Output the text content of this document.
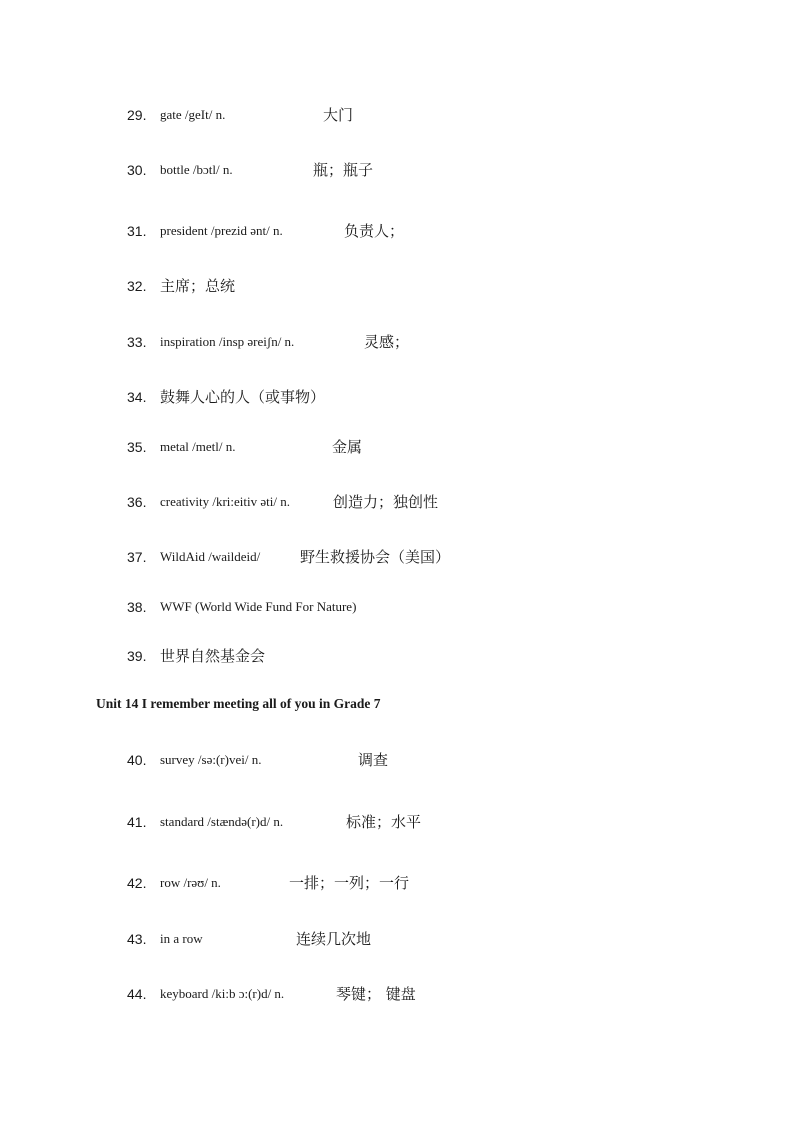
29. gate /geIt/ n.	大门
30. bottle /bɔtl/ n.	瓶；瓶子
31. president /prezid ənt/ n.	负责人；
32. 主席；总统
33. inspiration /insp əreiʃn/ n.	灵感；
34. 鼓舞人心的人（或事物）
35. metal /metl/ n.	金属
36. creativity /kri:eitiv əti/ n.	创造力；独创性
37. WildAid /waildeid/	野生救援协会（美国）
38. WWF (World Wide Fund For Nature)
39. 世界自然基金会
Unit 14 I remember meeting all of you in Grade 7
40. survey /sə:(r)vei/ n.	调查
41. standard /stændə(r)d/ n.	标准；水平
42. row /rəʊ/ n.	一排；一列；一行
43. in a row	连续几次地
44. keyboard /ki:b ɔ:(r)d/ n.	琴键； 键盘
